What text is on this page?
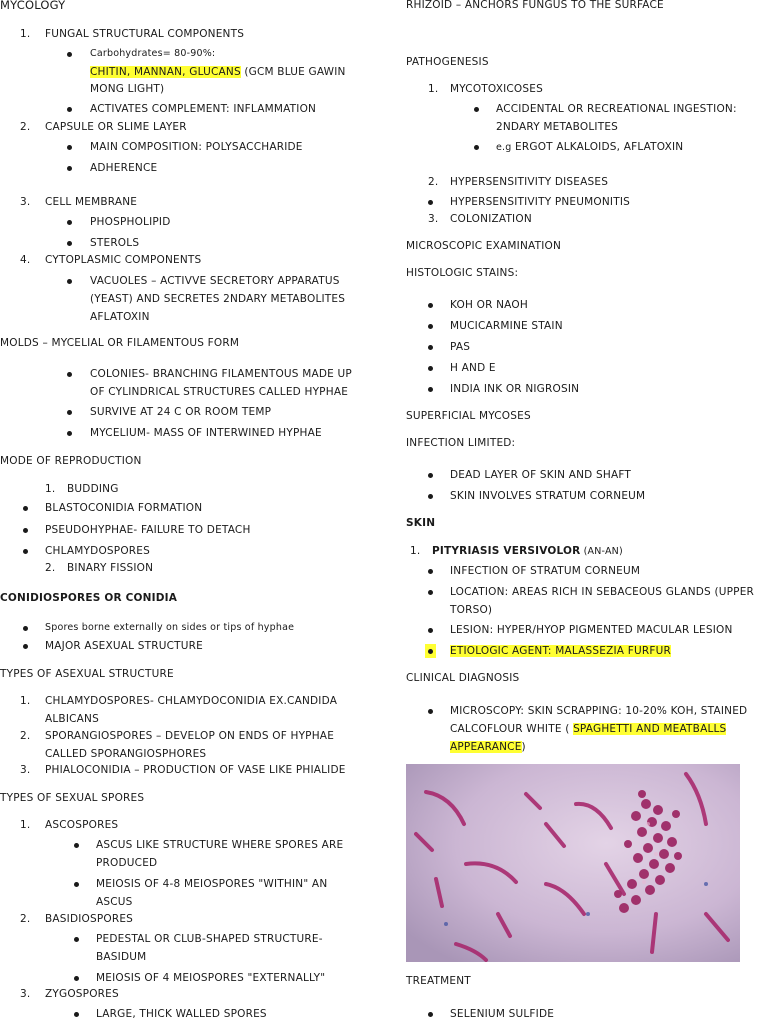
MYCOLOGY
1. FUNGAL STRUCTURAL COMPONENTS
Carbohydrates= 80-90%:
CHITIN, MANNAN, GLUCANS (GCM BLUE GAWIN
MONG LIGHT)
ACTIVATES COMPLEMENT: INFLAMMATION
2. CAPSULE OR SLIME LAYER
MAIN COMPOSITION: POLYSACCHARIDE
ADHERENCE
3. CELL MEMBRANE
PHOSPHOLIPID
STEROLS
4. CYTOPLASMIC COMPONENTS
VACUOLES – ACTIVVE SECRETORY APPARATUS (YEAST) AND SECRETES 2NDARY METABOLITES AFLATOXIN
MOLDS – MYCELIAL OR FILAMENTOUS FORM
COLONIES- BRANCHING FILAMENTOUS MADE UP OF CYLINDRICAL STRUCTURES CALLED HYPHAE
SURVIVE AT 24 C OR ROOM TEMP
MYCELIUM- MASS OF INTERWINED HYPHAE
MODE OF REPRODUCTION
1. BUDDING
BLASTOCONIDIA FORMATION
PSEUDOHYPHAE- FAILURE TO DETACH
CHLAMYDOSPORES
2. BINARY FISSION
CONIDIOSPORES OR CONIDIA
Spores borne externally on sides or tips of hyphae
MAJOR ASEXUAL STRUCTURE
TYPES OF ASEXUAL STRUCTURE
1. CHLAMYDOSPORES- CHLAMYDOCONIDIA EX.CANDIDA ALBICANS
2. SPORANGIOSPORES – DEVELOP ON ENDS OF HYPHAE CALLED SPORANGIOSPHORES
3. PHIALOCONIDIA – PRODUCTION OF VASE LIKE PHIALIDE
TYPES OF SEXUAL SPORES
1. ASCOSPORES
ASCUS LIKE STRUCTURE WHERE SPORES ARE PRODUCED
MEIOSIS OF 4-8 MEIOSPORES "WITHIN" AN ASCUS
2. BASIDIOSPORES
PEDESTAL OR CLUB-SHAPED STRUCTURE- BASIDUM
MEIOSIS OF 4 MEIOSPORES "EXTERNALLY"
3. ZYGOSPORES
LARGE, THICK WALLED SPORES
RHIZOID – ANCHORS FUNGUS TO THE SURFACE
PATHOGENESIS
1. MYCOTOXICOSES
ACCIDENTAL OR RECREATIONAL INGESTION: 2NDARY METABOLITES
e.g ERGOT ALKALOIDS, AFLATOXIN
2. HYPERSENSITIVITY DISEASES
HYPERSENSITIVITY PNEUMONITIS
3. COLONIZATION
MICROSCOPIC EXAMINATION
HISTOLOGIC STAINS:
KOH OR NAOH
MUCICARMINE STAIN
PAS
H AND E
INDIA INK OR NIGROSIN
SUPERFICIAL MYCOSES
INFECTION LIMITED:
DEAD LAYER OF SKIN AND SHAFT
SKIN INVOLVES STRATUM CORNEUM
SKIN
1. PITYRIASIS VERSIVOLOR (AN-AN)
INFECTION OF STRATUM CORNEUM
LOCATION: AREAS RICH IN SEBACEOUS GLANDS (UPPER TORSO)
LESION: HYPER/HYOP PIGMENTED MACULAR LESION
ETIOLOGIC AGENT: MALASSEZIA FURFUR
CLINICAL DIAGNOSIS
MICROSCOPY: SKIN SCRAPPING: 10-20% KOH, STAINED CALCOFLOUR WHITE ( SPAGHETTI AND MEATBALLS APPEARANCE)
TREATMENT
SELENIUM SULFIDE
